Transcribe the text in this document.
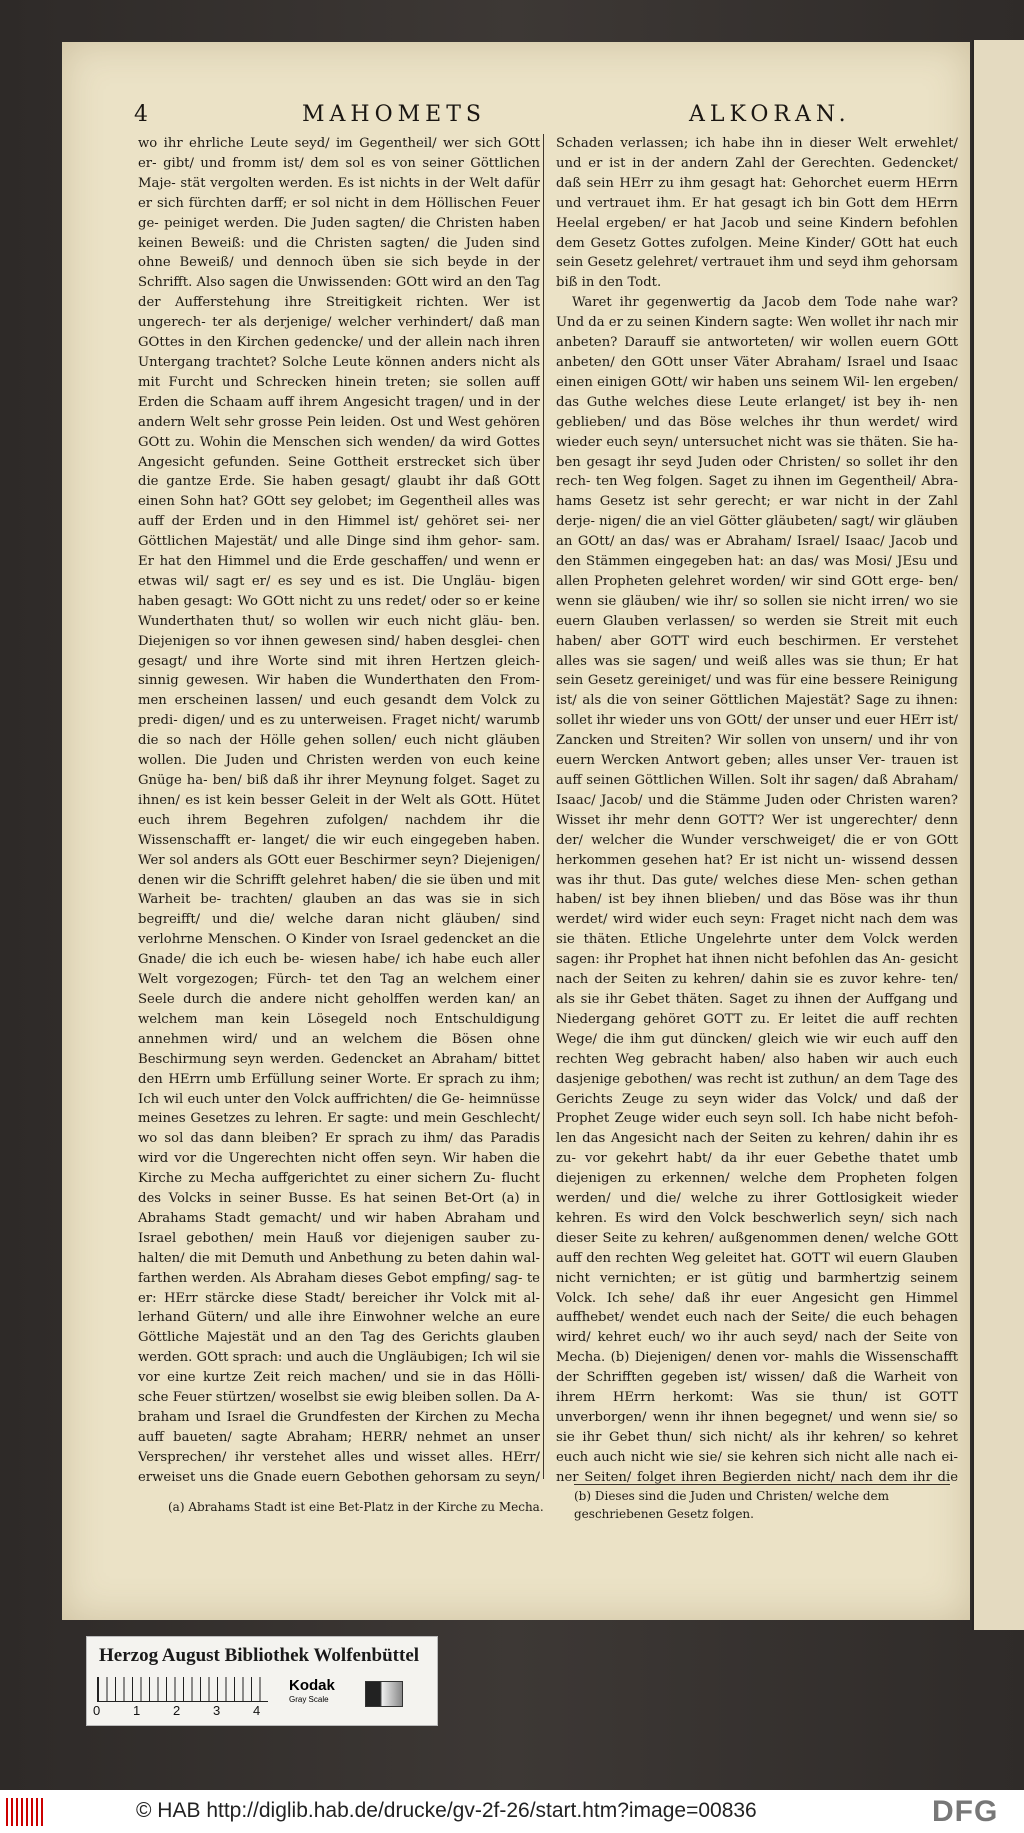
4	MAHOMETS	ALKORAN.

wo ihr ehrliche Leute seyd/ im Gegentheil/ wer sich GOtt er- gibt/ und fromm ist/ dem sol es von seiner Göttlichen Maje- stät vergolten werden. Es ist nichts in der Welt dafür er sich fürchten darff; er sol nicht in dem Höllischen Feuer ge- peiniget werden. Die Juden sagten/ die Christen haben keinen Beweiß: und die Christen sagten/ die Juden sind ohne Beweiß/ und dennoch üben sie sich beyde in der Schrifft. Also sagen die Unwissenden: GOtt wird an den Tag der Aufferstehung ihre Streitigkeit richten. Wer ist ungerech- ter als derjenige/ welcher verhindert/ daß man GOttes in den Kirchen gedencke/ und der allein nach ihren Untergang trachtet? Solche Leute können anders nicht als mit Furcht und Schrecken hinein treten; sie sollen auff Erden die Schaam auff ihrem Angesicht tragen/ und in der andern Welt sehr grosse Pein leiden. Ost und West gehören GOtt zu. Wohin die Menschen sich wenden/ da wird Gottes Angesicht gefunden. Seine Gottheit erstrecket sich über die gantze Erde. Sie haben gesagt/ glaubt ihr daß GOtt einen Sohn hat? GOtt sey gelobet; im Gegentheil alles was auff der Erden und in den Himmel ist/ gehöret sei- ner Göttlichen Majestät/ und alle Dinge sind ihm gehor- sam. Er hat den Himmel und die Erde geschaffen/ und wenn er etwas wil/ sagt er/ es sey und es ist. Die Ungläu- bigen haben gesagt: Wo GOtt nicht zu uns redet/ oder so er keine Wunderthaten thut/ so wollen wir euch nicht gläu- ben. Diejenigen so vor ihnen gewesen sind/ haben desglei- chen gesagt/ und ihre Worte sind mit ihren Hertzen gleich- sinnig gewesen. Wir haben die Wunderthaten den From- men erscheinen lassen/ und euch gesandt dem Volck zu predi- digen/ und es zu unterweisen. Fraget nicht/ warumb die so nach der Hölle gehen sollen/ euch nicht gläuben wollen. Die Juden und Christen werden von euch keine Gnüge ha- ben/ biß daß ihr ihrer Meynung folget. Saget zu ihnen/ es ist kein besser Geleit in der Welt als GOtt. Hütet euch ihrem Begehren zufolgen/ nachdem ihr die Wissenschafft er- langet/ die wir euch eingegeben haben. Wer sol anders als GOtt euer Beschirmer seyn? Diejenigen/ denen wir die Schrifft gelehret haben/ die sie üben und mit Warheit be- trachten/ glauben an das was sie in sich begreifft/ und die/ welche daran nicht gläuben/ sind verlohrne Menschen. O Kinder von Israel gedencket an die Gnade/ die ich euch be- wiesen habe/ ich habe euch aller Welt vorgezogen; Fürch- tet den Tag an welchem einer Seele durch die andere nicht geholffen werden kan/ an welchem man kein Lösegeld noch Entschuldigung annehmen wird/ und an welchem die Bösen ohne Beschirmung seyn werden. Gedencket an Abraham/ bittet den HErrn umb Erfüllung seiner Worte. Er sprach zu ihm; Ich wil euch unter den Volck auffrichten/ die Ge- heimnüsse meines Gesetzes zu lehren. Er sagte: und mein Geschlecht/ wo sol das dann bleiben? Er sprach zu ihm/ das Paradis wird vor die Ungerechten nicht offen seyn. Wir haben die Kirche zu Mecha auffgerichtet zu einer sichern Zu- flucht des Volcks in seiner Busse. Es hat seinen Bet-Ort (a) in Abrahams Stadt gemacht/ und wir haben Abraham und Israel gebothen/ mein Hauß vor diejenigen sauber zu- halten/ die mit Demuth und Anbethung zu beten dahin wal- farthen werden. Als Abraham dieses Gebot empfing/ sag- te er: HErr stärcke diese Stadt/ bereicher ihr Volck mit al- lerhand Gütern/ und alle ihre Einwohner welche an eure Göttliche Majestät und an den Tag des Gerichts glauben werden. GOtt sprach: und auch die Ungläubigen; Ich wil sie vor eine kurtze Zeit reich machen/ und sie in das Hölli- sche Feuer stürtzen/ woselbst sie ewig bleiben sollen. Da A- braham und Israel die Grundfesten der Kirchen zu Mecha auff baueten/ sagte Abraham; HERR/ nehmet an unser Versprechen/ ihr verstehet alles und wisset alles. HErr/ erweiset uns die Gnade euern Gebothen gehorsam zu seyn/

Schaden verlassen; ich habe ihn in dieser Welt erwehlet/ und er ist in der andern Zahl der Gerechten. Gedencket/ daß sein HErr zu ihm gesagt hat: Gehorchet euerm HErrn und vertrauet ihm. Er hat gesagt ich bin Gott dem HErrn Heelal ergeben/ er hat Jacob und seine Kindern befohlen dem Gesetz Gottes zufolgen. Meine Kinder/ GOtt hat euch sein Gesetz gelehret/ vertrauet ihm und seyd ihm gehorsam biß in den Todt.

Waret ihr gegenwertig da Jacob dem Tode nahe war? Und da er zu seinen Kindern sagte: Wen wollet ihr nach mir anbeten? Darauff sie antworteten/ wir wollen euern GOtt anbeten/ den GOtt unser Väter Abraham/ Israel und Isaac einen einigen GOtt/ wir haben uns seinem Wil- len ergeben/ das Guthe welches diese Leute erlanget/ ist bey ih- nen geblieben/ und das Böse welches ihr thun werdet/ wird wieder euch seyn/ untersuchet nicht was sie thäten. Sie ha- ben gesagt ihr seyd Juden oder Christen/ so sollet ihr den rech- ten Weg folgen. Saget zu ihnen im Gegentheil/ Abra- hams Gesetz ist sehr gerecht; er war nicht in der Zahl derje- nigen/ die an viel Götter gläubeten/ sagt/ wir gläuben an GOtt/ an das/ was er Abraham/ Israel/ Isaac/ Jacob und den Stämmen eingegeben hat: an das/ was Mosi/ JEsu und allen Propheten gelehret worden/ wir sind GOtt erge- ben/ wenn sie gläuben/ wie ihr/ so sollen sie nicht irren/ wo sie euern Glauben verlassen/ so werden sie Streit mit euch haben/ aber GOTT wird euch beschirmen. Er verstehet alles was sie sagen/ und weiß alles was sie thun; Er hat sein Gesetz gereiniget/ und was für eine bessere Reinigung ist/ als die von seiner Göttlichen Majestät? Sage zu ihnen: sollet ihr wieder uns von GOtt/ der unser und euer HErr ist/ Zancken und Streiten? Wir sollen von unsern/ und ihr von euern Wercken Antwort geben; alles unser Ver- trauen ist auff seinen Göttlichen Willen. Solt ihr sagen/ daß Abraham/ Isaac/ Jacob/ und die Stämme Juden oder Christen waren? Wisset ihr mehr denn GOTT? Wer ist ungerechter/ denn der/ welcher die Wunder verschweiget/ die er von GOtt herkommen gesehen hat? Er ist nicht un- wissend dessen was ihr thut. Das gute/ welches diese Men- schen gethan haben/ ist bey ihnen blieben/ und das Böse was ihr thun werdet/ wird wider euch seyn: Fraget nicht nach dem was sie thäten. Etliche Ungelehrte unter dem Volck werden sagen: ihr Prophet hat ihnen nicht befohlen das An- gesicht nach der Seiten zu kehren/ dahin sie es zuvor kehre- ten/ als sie ihr Gebet thäten. Saget zu ihnen der Auffgang und Niedergang gehöret GOTT zu. Er leitet die auff rechten Wege/ die ihm gut düncken/ gleich wie wir euch auff den rechten Weg gebracht haben/ also haben wir auch euch dasjenige gebothen/ was recht ist zuthun/ an dem Tage des Gerichts Zeuge zu seyn wider das Volck/ und daß der Prophet Zeuge wider euch seyn soll. Ich habe nicht befoh- len das Angesicht nach der Seiten zu kehren/ dahin ihr es zu- vor gekehrt habt/ da ihr euer Gebethe thatet umb diejenigen zu erkennen/ welche dem Propheten folgen werden/ und die/ welche zu ihrer Gottlosigkeit wieder kehren. Es wird den Volck beschwerlich seyn/ sich nach dieser Seite zu kehren/ außgenommen denen/ welche GOtt auff den rechten Weg geleitet hat. GOTT wil euern Glauben nicht vernichten; er ist gütig und barmhertzig seinem Volck. Ich sehe/ daß ihr euer Angesicht gen Himmel auffhebet/ wendet euch nach der Seite/ die euch behagen wird/ kehret euch/ wo ihr auch seyd/ nach der Seite von Mecha. (b) Diejenigen/ denen vor- mahls die Wissenschafft der Schrifften gegeben ist/ wissen/ daß die Warheit von ihrem HErrn herkomt: Was sie thun/ ist GOTT unverborgen/ wenn ihr ihnen begegnet/ und wenn sie/ so sie ihr Gebet thun/ sich nicht/ als ihr kehren/ so kehret euch auch nicht wie sie/ sie kehren sich nicht alle nach ei- ner Seiten/ folget ihren Begierden nicht/ nach dem ihr die

(a) Abrahams Stadt ist eine Bet-Platz in der Kirche zu Mecha.
(b) Dieses sind die Juden und Christen/ welche dem geschriebenen Gesetz folgen.
Herzog August Bibliothek Wolfenbüttel
0	1	2	3	4
Kodak
Gray Scale
© HAB http://diglib.hab.de/drucke/gv-2f-26/start.htm?image=00836	DFG
